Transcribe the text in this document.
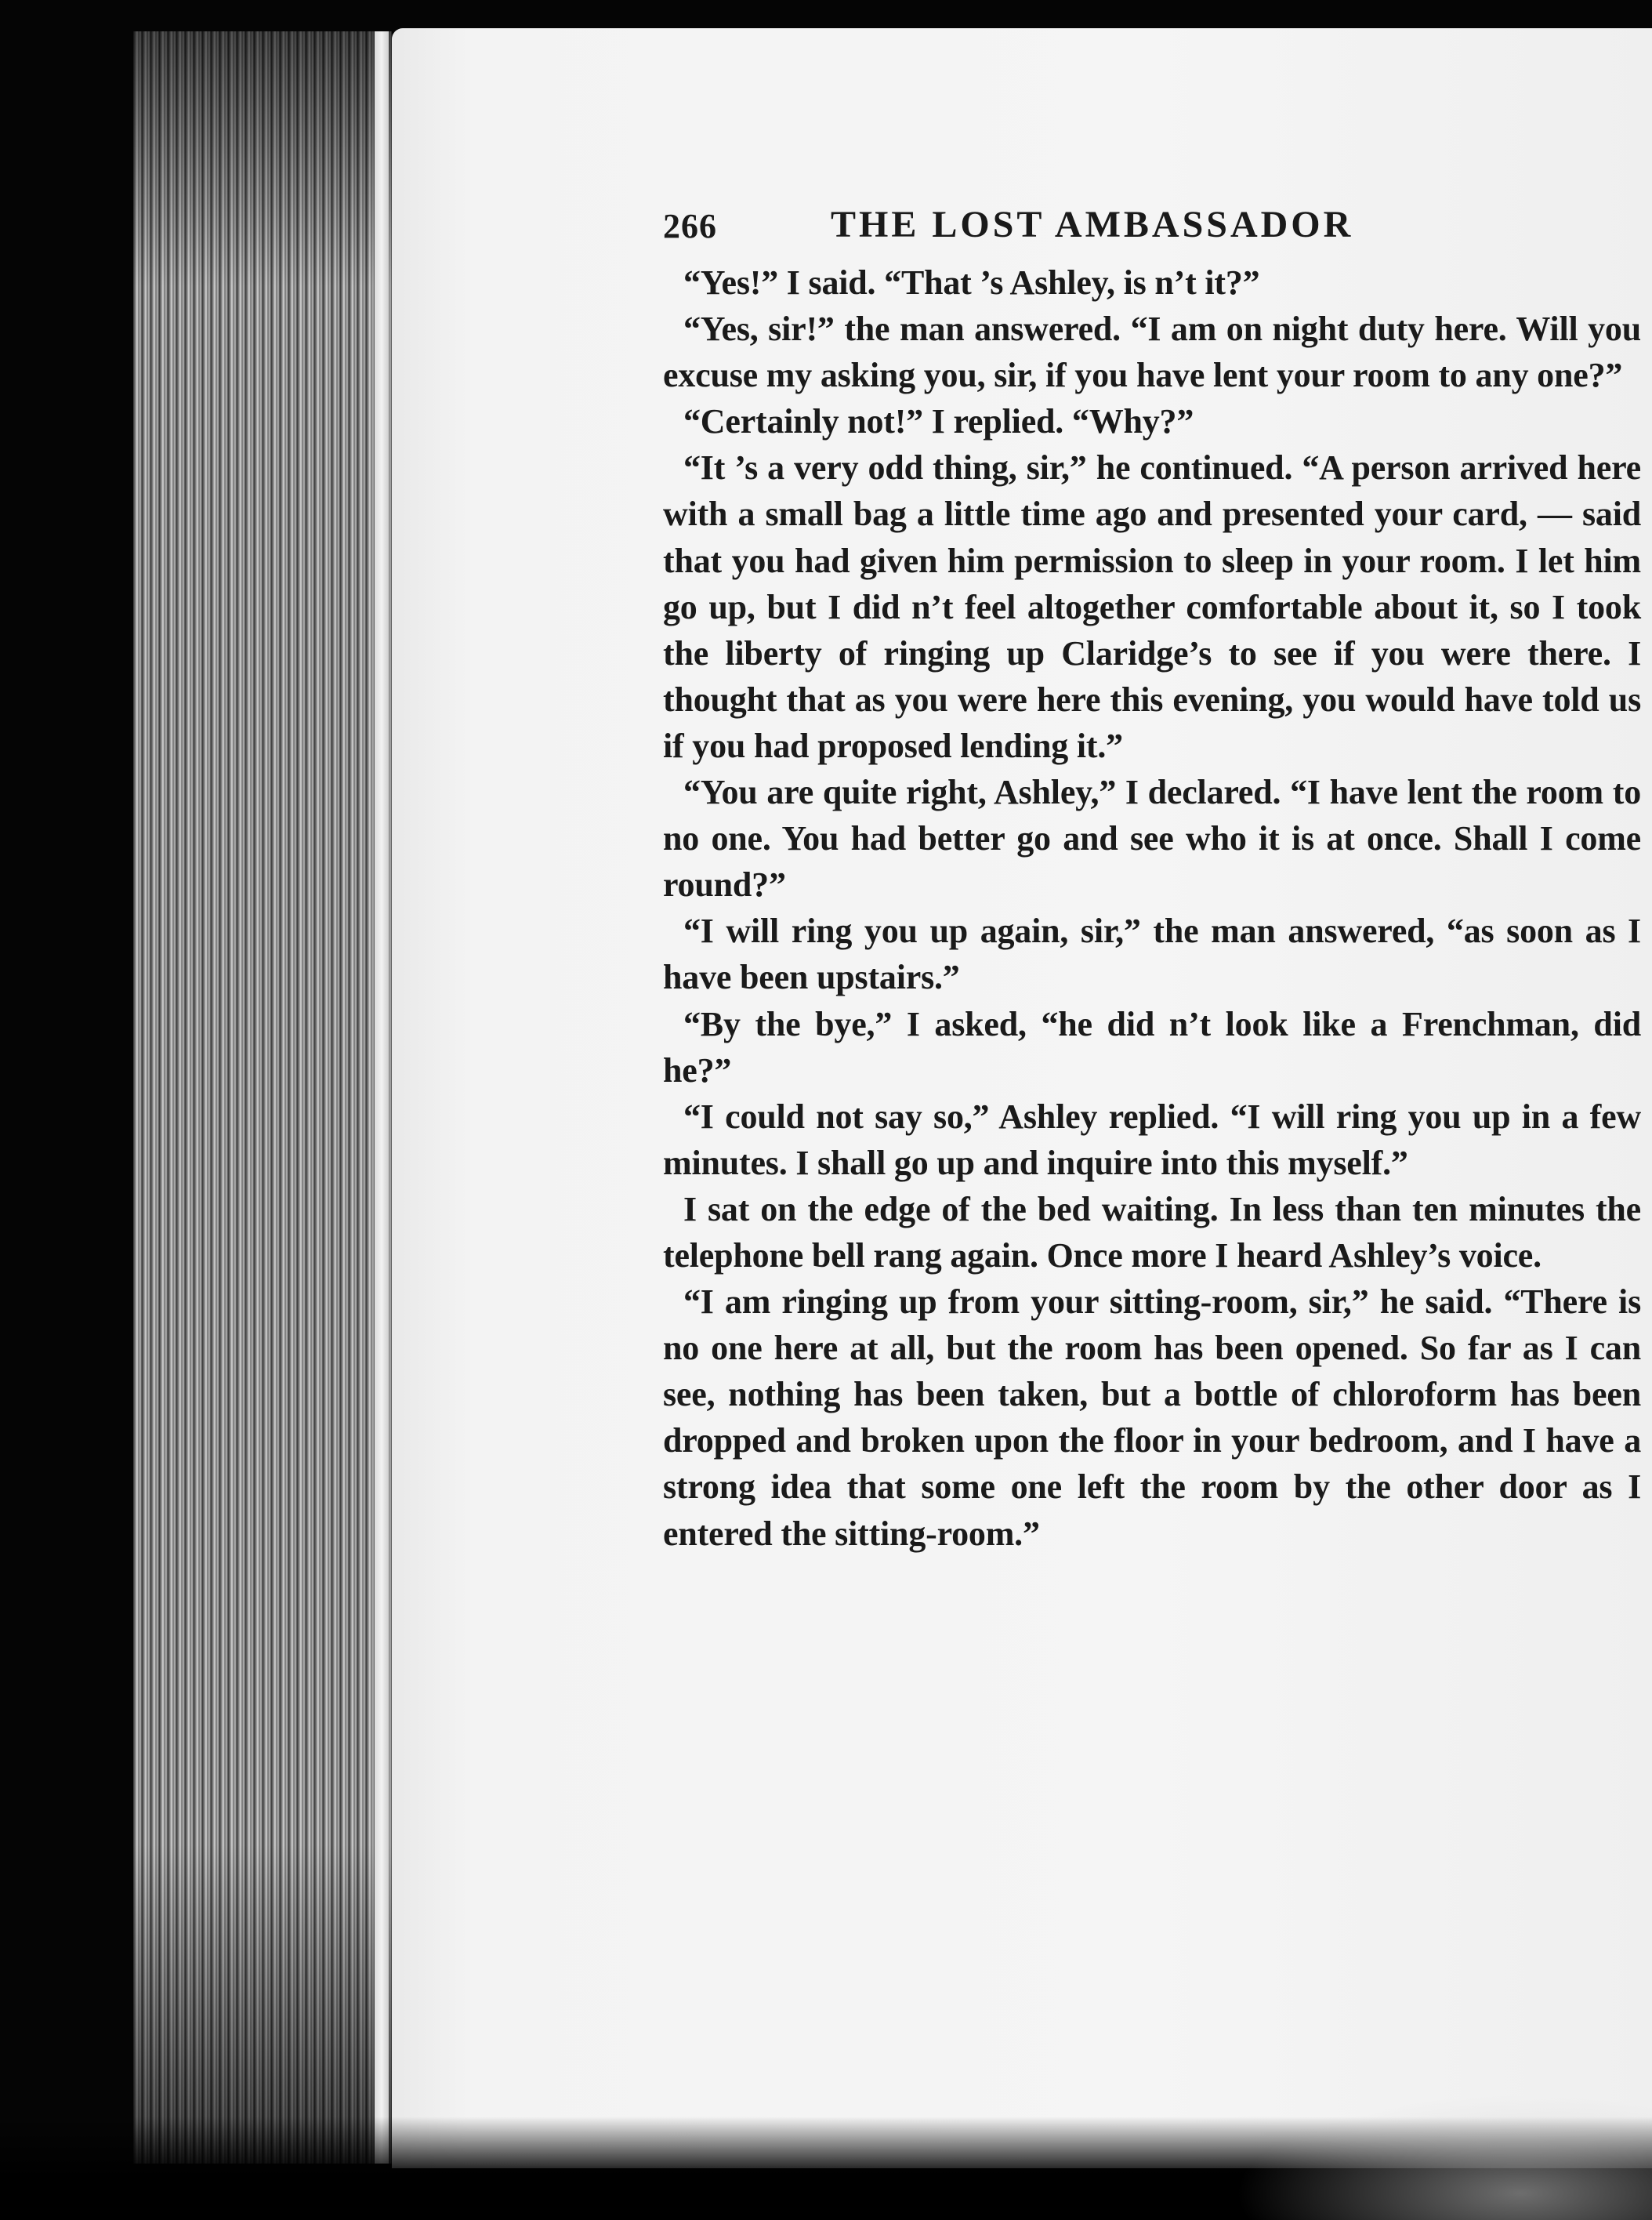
266	THE LOST AMBASSADOR

“Yes!” I said. “That ’s Ashley, is n’t it?”

“Yes, sir!” the man answered. “I am on night duty here. Will you excuse my asking you, sir, if you have lent your room to any one?”

“Certainly not!” I replied. “Why?”

“It ’s a very odd thing, sir,” he continued. “A person arrived here with a small bag a little time ago and presented your card, — said that you had given him permission to sleep in your room. I let him go up, but I did n’t feel altogether comfortable about it, so I took the liberty of ringing up Claridge’s to see if you were there. I thought that as you were here this evening, you would have told us if you had proposed lending it.”

“You are quite right, Ashley,” I declared. “I have lent the room to no one. You had better go and see who it is at once. Shall I come round?”

“I will ring you up again, sir,” the man answered, “as soon as I have been upstairs.”

“By the bye,” I asked, “he did n’t look like a Frenchman, did he?”

“I could not say so,” Ashley replied. “I will ring you up in a few minutes. I shall go up and inquire into this myself.”

I sat on the edge of the bed waiting. In less than ten minutes the telephone bell rang again. Once more I heard Ashley’s voice.

“I am ringing up from your sitting-room, sir,” he said. “There is no one here at all, but the room has been opened. So far as I can see, nothing has been taken, but a bottle of chloroform has been dropped and broken upon the floor in your bedroom, and I have a strong idea that some one left the room by the other door as I entered the sitting-room.”
